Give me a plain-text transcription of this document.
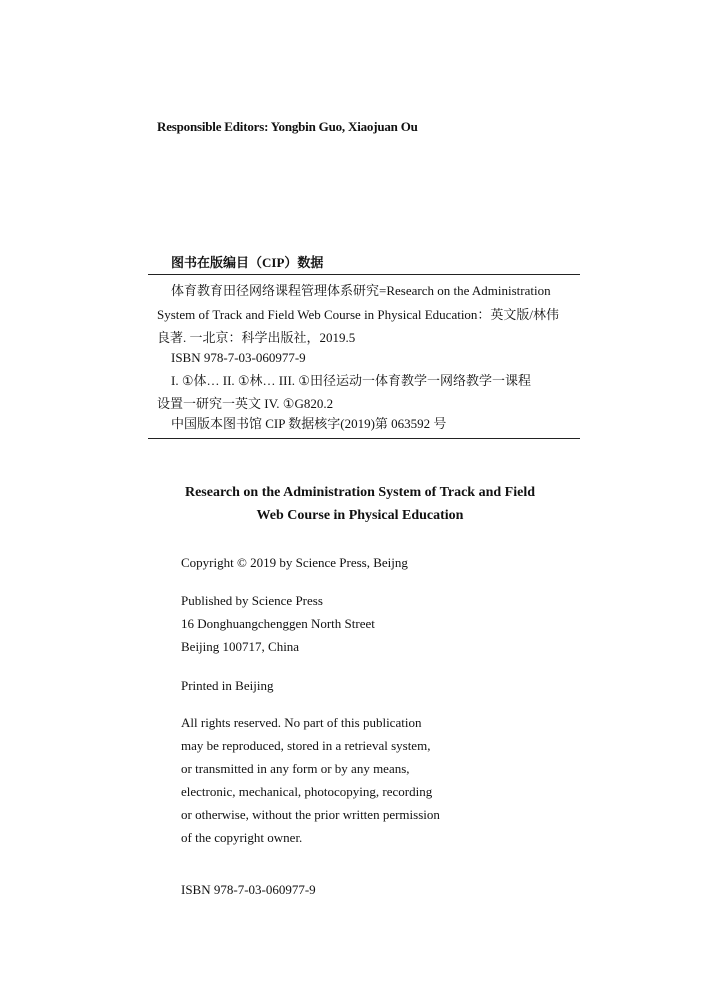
Responsible Editors: Yongbin Guo, Xiaojuan Ou
图书在版编目（CIP）数据
体育教育田径网络课程管理体系研究=Research on the Administration
System of Track and Field Web Course in Physical Education：英文版/林伟
良著. 一北京：科学出版社，2019.5
ISBN 978-7-03-060977-9
I. ①体… II. ①林… III. ①田径运动一体育教学一网络教学一课程
设置一研究一英文 IV. ①G820.2
中国版本图书馆 CIP 数据核字(2019)第 063592 号
Research on the Administration System of Track and Field
Web Course in Physical Education
Copyright © 2019 by Science Press, Beijng
Published by Science Press
16 Donghuangchenggen North Street
Beijing 100717, China
Printed in Beijing
All rights reserved. No part of this publication
may be reproduced, stored in a retrieval system,
or transmitted in any form or by any means,
electronic, mechanical, photocopying, recording
or otherwise, without the prior written permission
of the copyright owner.
ISBN 978-7-03-060977-9
